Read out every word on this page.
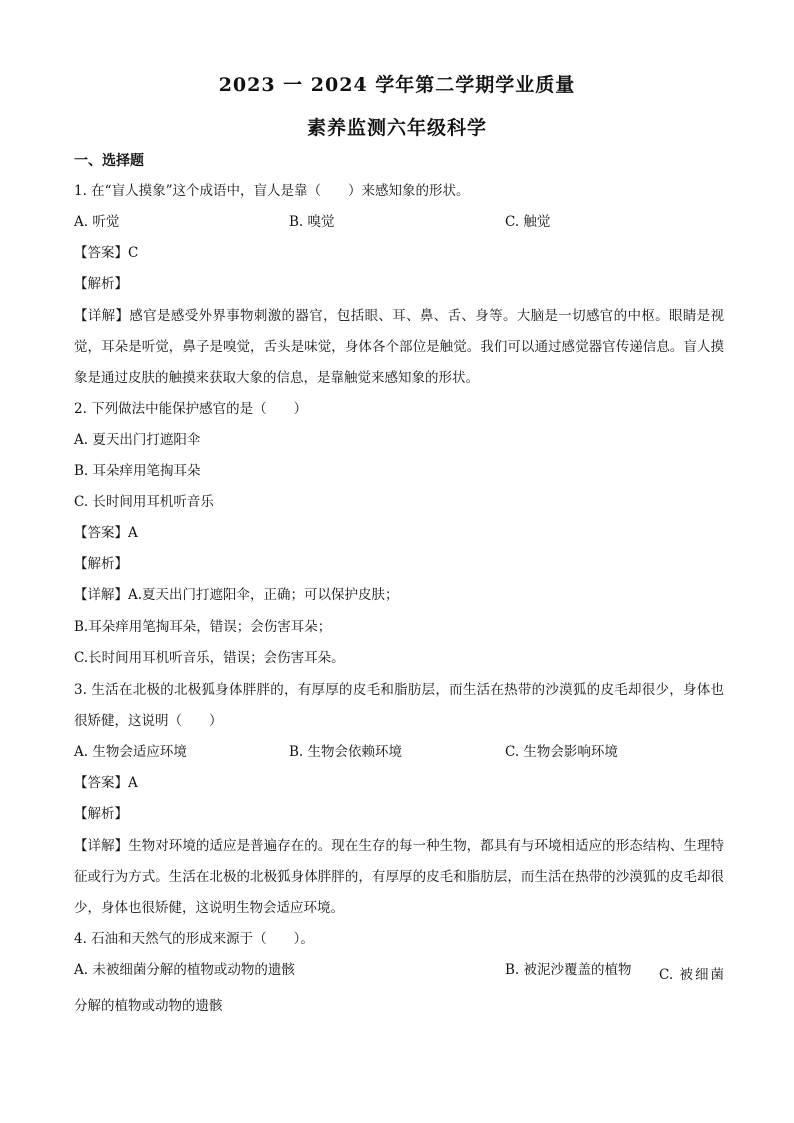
2023 一 2024 学年第二学期学业质量
素养监测六年级科学
一、选择题
1. 在“盲人摸象”这个成语中，盲人是靠（　　）来感知象的形状。
A. 听觉	B. 嗅觉	C. 触觉
【答案】C
【解析】
【详解】感官是感受外界事物刺激的器官，包括眼、耳、鼻、舌、身等。大脑是一切感官的中枢。眼睛是视觉，耳朵是听觉，鼻子是嗅觉，舌头是味觉，身体各个部位是触觉。我们可以通过感觉器官传递信息。盲人摸象是通过皮肤的触摸来获取大象的信息，是靠触觉来感知象的形状。
2. 下列做法中能保护感官的是（　　）
A. 夏天出门打遮阳伞
B. 耳朵痒用笔掏耳朵
C. 长时间用耳机听音乐
【答案】A
【解析】
【详解】A.夏天出门打遮阳伞，正确；可以保护皮肤；
B.耳朵痒用笔掏耳朵，错误；会伤害耳朵；
C.长时间用耳机听音乐，错误；会伤害耳朵。
3. 生活在北极的北极狐身体胖胖的，有厚厚的皮毛和脂肪层，而生活在热带的沙漠狐的皮毛却很少，身体也很矫健，这说明（　　）
A. 生物会适应环境	B. 生物会依赖环境	C. 生物会影响环境
【答案】A
【解析】
【详解】生物对环境的适应是普遍存在的。现在生存的每一种生物，都具有与环境相适应的形态结构、生理特征或行为方式。生活在北极的北极狐身体胖胖的，有厚厚的皮毛和脂肪层，而生活在热带的沙漠狐的皮毛却很少，身体也很矫健，这说明生物会适应环境。
4. 石油和天然气的形成来源于（　　）。
A. 未被细菌分解的植物或动物的遗骸	B. 被泥沙覆盖的植物	C. 被细菌分解的植物或动物的遗骸
